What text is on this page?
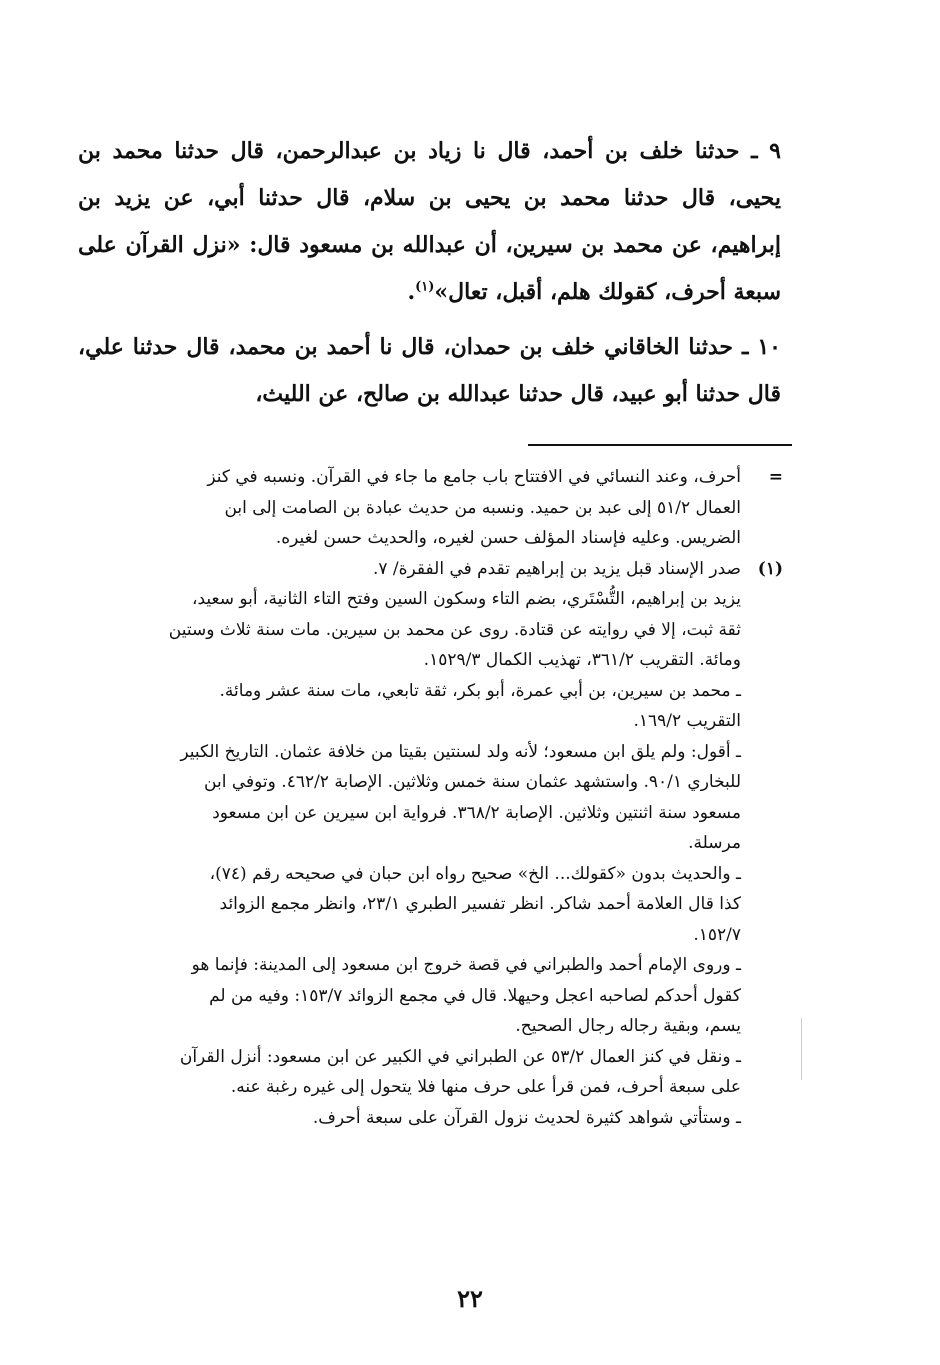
٩ ـ حدثنا خلف بن أحمد، قال نا زياد بن عبدالرحمن، قال حدثنا محمد بن يحيى، قال حدثنا محمد بن يحيى بن سلام، قال حدثنا أبي، عن يزيد بن إبراهيم، عن محمد بن سيرين، أن عبدالله بن مسعود قال: «نزل القرآن على سبعة أحرف، كقولك هلم، أقبل، تعال»$^{(١)}$.

١٠ ـ حدثنا الخاقاني خلف بن حمدان، قال نا أحمد بن محمد، قال حدثنا علي، قال حدثنا أبو عبيد، قال حدثنا عبدالله بن صالح، عن الليث،

=

أحرف، وعند النسائي في الافتتاح باب جامع ما جاء في القرآن. ونسبه في كنز

العمال ٥١/٢ إلى عبد بن حميد. ونسبه من حديث عبادة بن الصامت إلى ابن

الضريس. وعليه فإسناد المؤلف حسن لغيره، والحديث حسن لغيره.

(١)

صدر الإسناد قبل يزيد بن إبراهيم تقدم في الفقرة/ ٧.

يزيد بن إبراهيم، التُّسْتَري، بضم التاء وسكون السين وفتح التاء الثانية، أبو سعيد،

ثقة ثبت، إلا في روايته عن قتادة. روى عن محمد بن سيرين. مات سنة ثلاث وستين

ومائة. التقريب ٣٦١/٢، تهذيب الكمال ١٥٢٩/٣.

ـ محمد بن سيرين، بن أبي عمرة، أبو بكر، ثقة تابعي، مات سنة عشر ومائة.

التقريب ١٦٩/٢.

ـ أقول: ولم يلق ابن مسعود؛ لأنه ولد لسنتين بقيتا من خلافة عثمان. التاريخ الكبير

للبخاري ٩٠/١. واستشهد عثمان سنة خمس وثلاثين. الإصابة ٤٦٢/٢. وتوفي ابن

مسعود سنة اثنتين وثلاثين. الإصابة ٣٦٨/٢. فرواية ابن سيرين عن ابن مسعود

مرسلة.

ـ والحديث بدون «كقولك... الخ» صحيح رواه ابن حبان في صحيحه رقم (٧٤)،

كذا قال العلامة أحمد شاكر. انظر تفسير الطبري ٢٣/١، وانظر مجمع الزوائد

١٥٢/٧.

ـ وروى الإمام أحمد والطبراني في قصة خروج ابن مسعود إلى المدينة: فإنما هو

كقول أحدكم لصاحبه اعجل وحيهلا. قال في مجمع الزوائد ١٥٣/٧: وفيه من لم

يسم، وبقية رجاله رجال الصحيح.

ـ ونقل في كنز العمال ٥٣/٢ عن الطبراني في الكبير عن ابن مسعود: أنزل القرآن

على سبعة أحرف، فمن قرأ على حرف منها فلا يتحول إلى غيره رغبة عنه.

ـ وستأتي شواهد كثيرة لحديث نزول القرآن على سبعة أحرف.

٢٢
